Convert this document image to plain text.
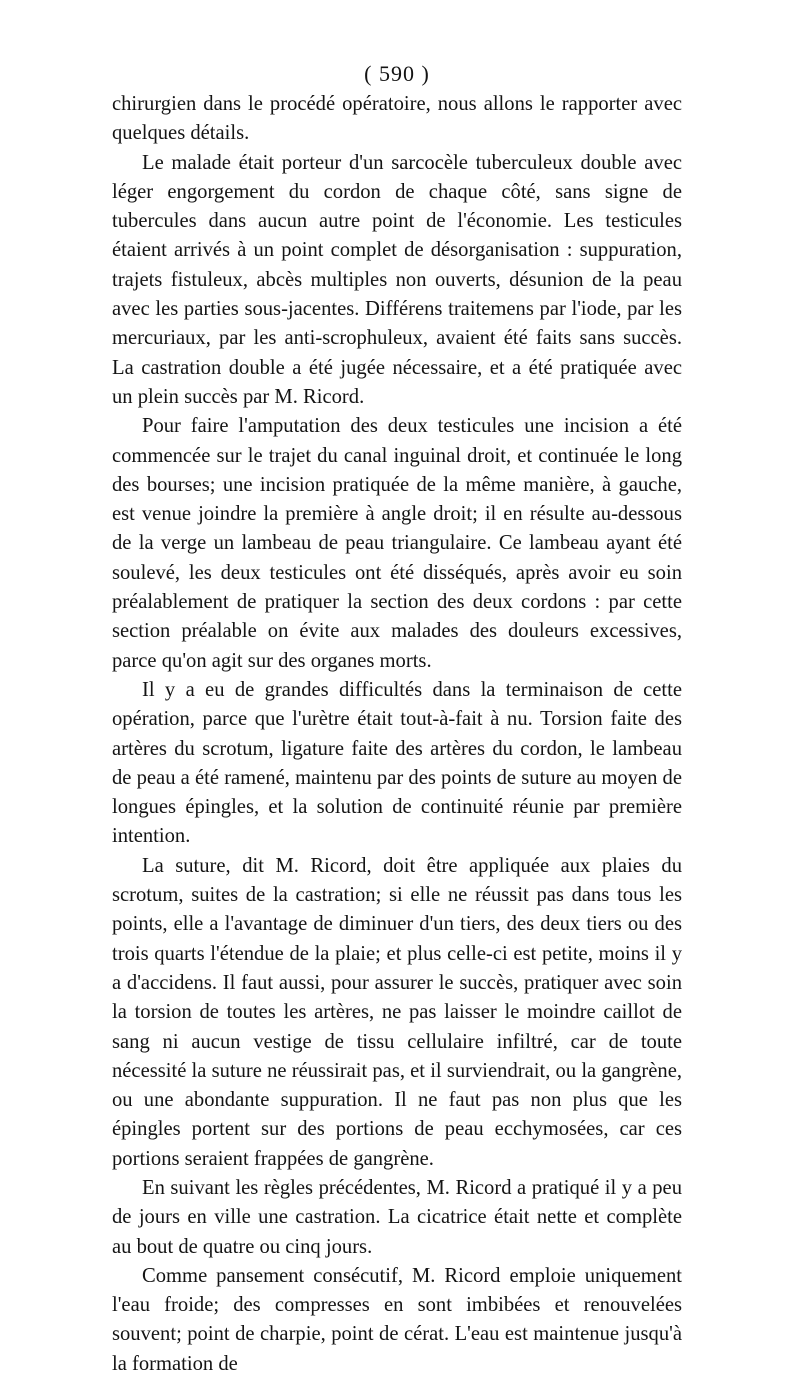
( 590 )

chirurgien dans le procédé opératoire, nous allons le rapporter avec quelques détails.

Le malade était porteur d'un sarcocèle tuberculeux double avec léger engorgement du cordon de chaque côté, sans signe de tubercules dans aucun autre point de l'économie. Les testicules étaient arrivés à un point complet de désorganisation : suppuration, trajets fistuleux, abcès multiples non ouverts, désunion de la peau avec les parties sous-jacentes. Différens traitemens par l'iode, par les mercuriaux, par les anti-scrophuleux, avaient été faits sans succès. La castration double a été jugée nécessaire, et a été pratiquée avec un plein succès par M. Ricord.

Pour faire l'amputation des deux testicules une incision a été commencée sur le trajet du canal inguinal droit, et continuée le long des bourses; une incision pratiquée de la même manière, à gauche, est venue joindre la première à angle droit; il en résulte au-dessous de la verge un lambeau de peau triangulaire. Ce lambeau ayant été soulevé, les deux testicules ont été disséqués, après avoir eu soin préalablement de pratiquer la section des deux cordons : par cette section préalable on évite aux malades des douleurs excessives, parce qu'on agit sur des organes morts.

Il y a eu de grandes difficultés dans la terminaison de cette opération, parce que l'urètre était tout-à-fait à nu. Torsion faite des artères du scrotum, ligature faite des artères du cordon, le lambeau de peau a été ramené, maintenu par des points de suture au moyen de longues épingles, et la solution de continuité réunie par première intention.

La suture, dit M. Ricord, doit être appliquée aux plaies du scrotum, suites de la castration; si elle ne réussit pas dans tous les points, elle a l'avantage de diminuer d'un tiers, des deux tiers ou des trois quarts l'étendue de la plaie; et plus celle-ci est petite, moins il y a d'accidens. Il faut aussi, pour assurer le succès, pratiquer avec soin la torsion de toutes les artères, ne pas laisser le moindre caillot de sang ni aucun vestige de tissu cellulaire infiltré, car de toute nécessité la suture ne réussirait pas, et il surviendrait, ou la gangrène, ou une abondante suppuration. Il ne faut pas non plus que les épingles portent sur des portions de peau ecchymosées, car ces portions seraient frappées de gangrène.

En suivant les règles précédentes, M. Ricord a pratiqué il y a peu de jours en ville une castration. La cicatrice était nette et complète au bout de quatre ou cinq jours.

Comme pansement consécutif, M. Ricord emploie uniquement l'eau froide; des compresses en sont imbibées et renouvelées souvent; point de charpie, point de cérat. L'eau est maintenue jusqu'à la formation de
